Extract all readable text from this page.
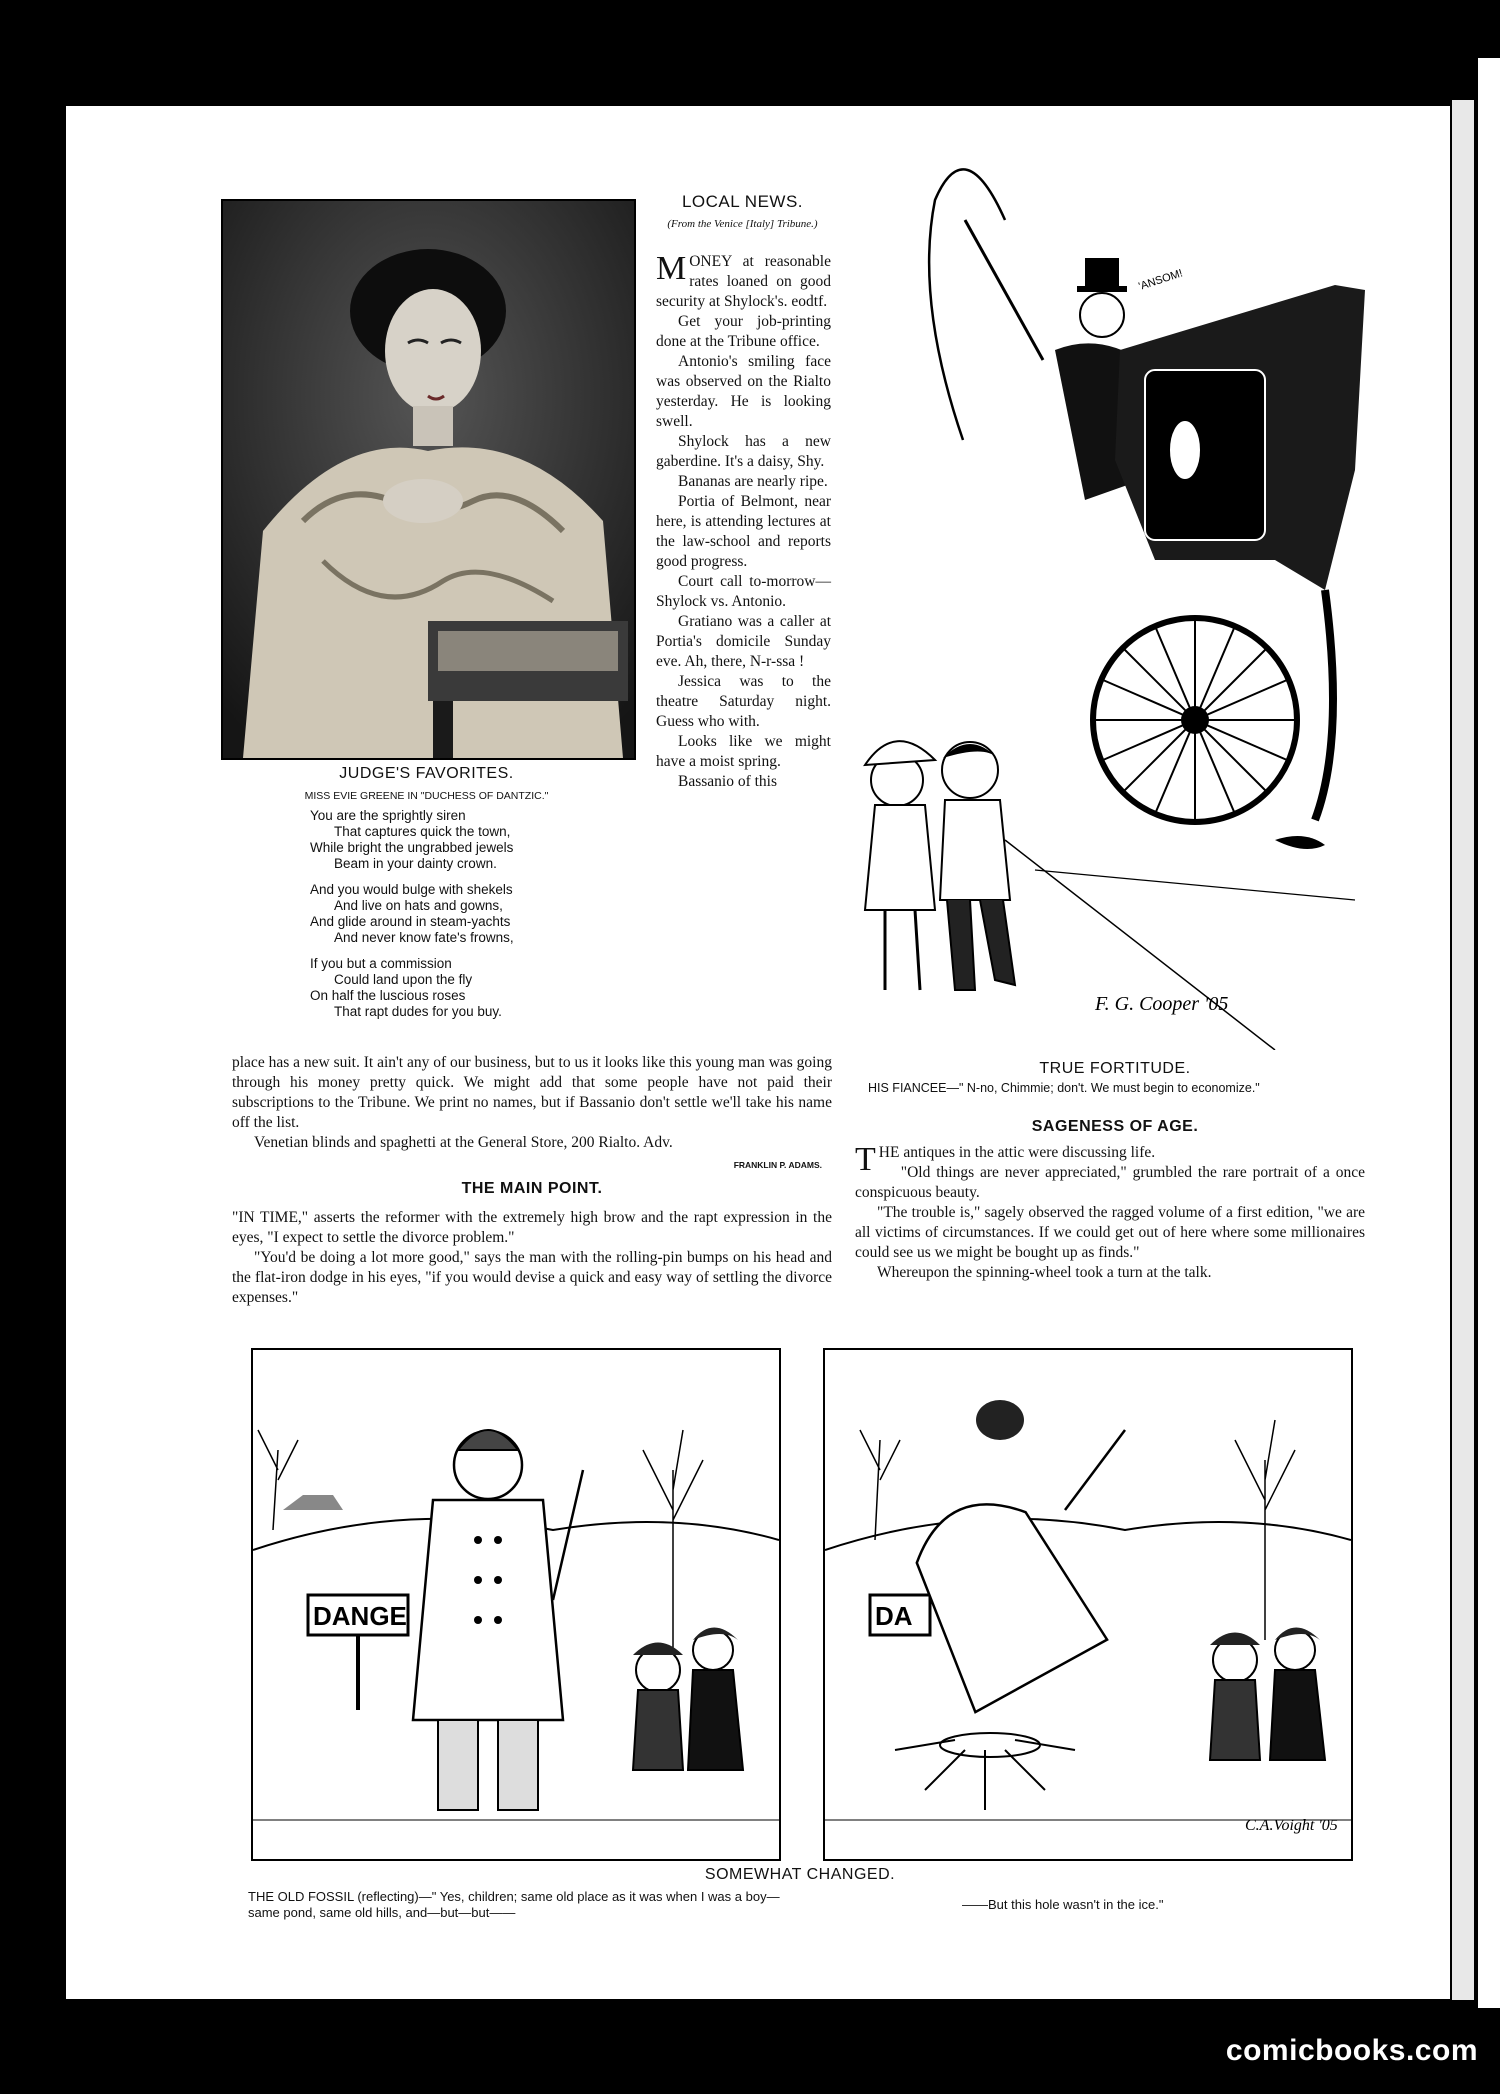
JUDGE'S FAVORITES.
MISS EVIE GREENE IN "DUCHESS OF DANTZIC."
You are the sprightly siren
That captures quick the town,
While bright the ungrabbed jewels
Beam in your dainty crown.
And you would bulge with shekels
And live on hats and gowns,
And glide around in steam-yachts
And never know fate's frowns,
If you but a commission
Could land upon the fly
On half the luscious roses
That rapt dudes for you buy.
LOCAL NEWS.
(From the Venice [Italy] Tribune.)

MONEY at reasonable rates loaned on good security at Shylock's. eodtf.

Get your job-printing done at the Tribune office.

Antonio's smiling face was observed on the Rialto yesterday. He is looking swell.

Shylock has a new gaberdine. It's a daisy, Shy.

Bananas are nearly ripe.

Portia of Belmont, near here, is attending lectures at the law-school and reports good progress.

Court call to-morrow—Shylock vs. Antonio.

Gratiano was a caller at Portia's domicile Sunday eve. Ah, there, N-r-ssa !

Jessica was to the theatre Saturday night. Guess who with.

Looks like we might have a moist spring.

Bassanio of this

place has a new suit. It ain't any of our business, but to us it looks like this young man was going through his money pretty quick. We might add that some people have not paid their subscriptions to the Tribune. We print no names, but if Bassanio don't settle we'll take his name off the list.

Venetian blinds and spaghetti at the General Store, 200 Rialto. Adv.

FRANKLIN P. ADAMS.
THE MAIN POINT.

"IN TIME," asserts the reformer with the extremely high brow and the rapt expression in the eyes, "I expect to settle the divorce problem."

"You'd be doing a lot more good," says the man with the rolling-pin bumps on his head and the flat-iron dodge in his eyes, "if you would devise a quick and easy way of settling the divorce expenses."

'ANSOM!
F. G. Cooper '05
TRUE FORTITUDE.
HIS FIANCEE—" N-no, Chimmie; don't. We must begin to economize."
SAGENESS OF AGE.

THE antiques in the attic were discussing life.

"Old things are never appreciated," grumbled the rare portrait of a once conspicuous beauty.

"The trouble is," sagely observed the ragged volume of a first edition, "we are all victims of circumstances. If we could get out of here where some millionaires could see us we might be bought up as finds."

Whereupon the spinning-wheel took a turn at the talk.

DANGE	DA
C.A.Voight '05
SOMEWHAT CHANGED.
THE OLD FOSSIL (reflecting)—" Yes, children; same old place as it was when I was a boy—same pond, same old hills, and—but—but——
——But this hole wasn't in the ice."
comicbooks.com
